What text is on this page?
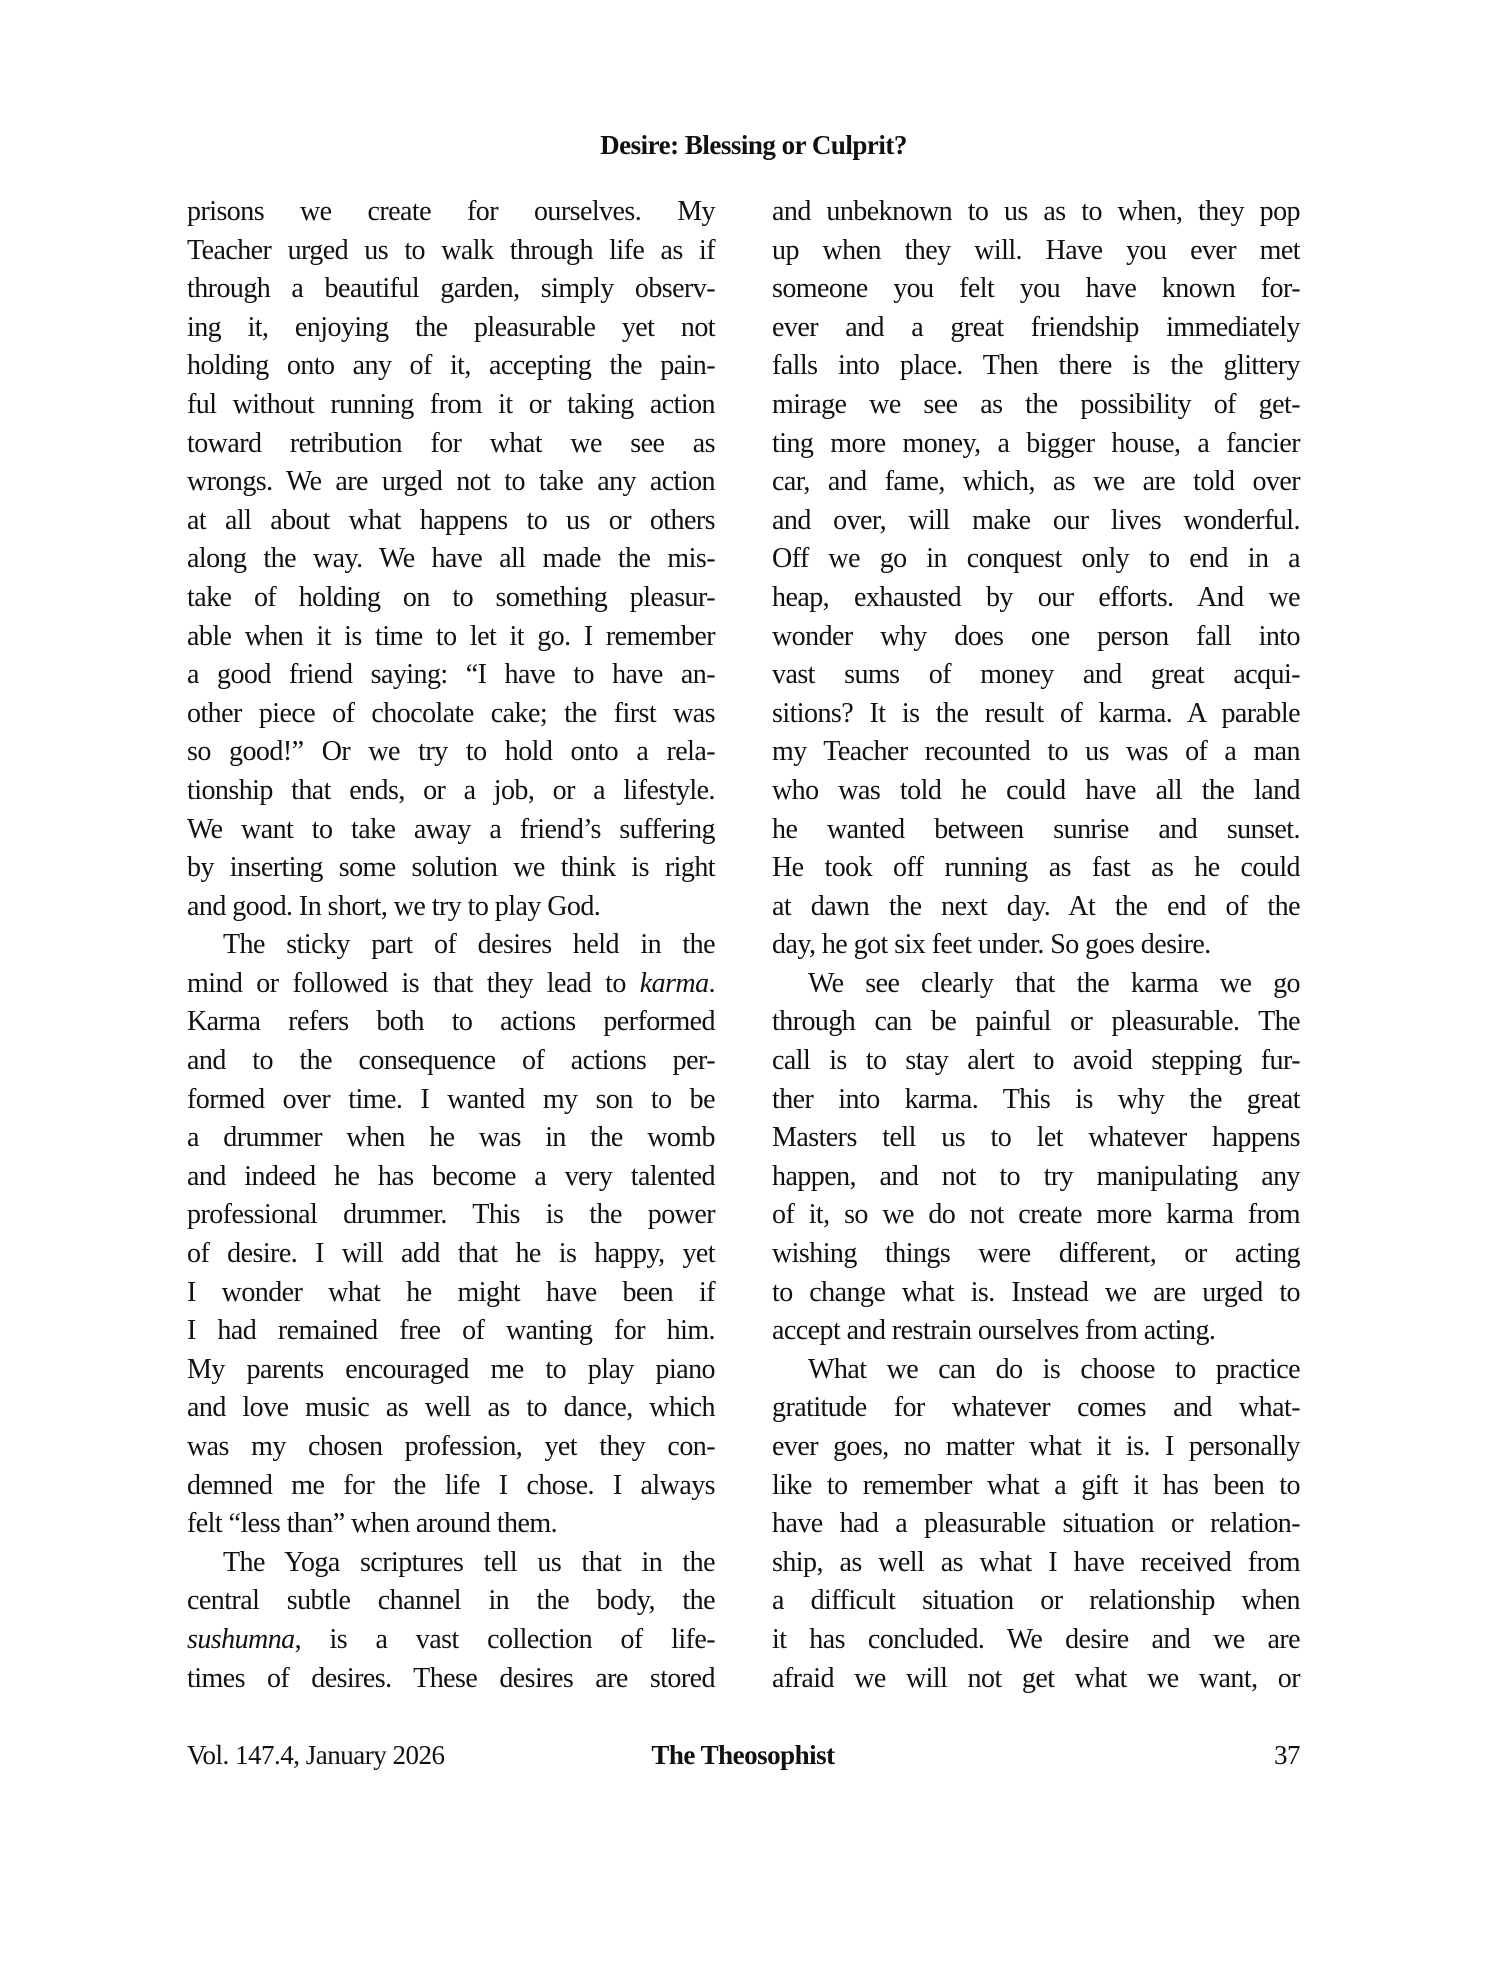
Desire: Blessing or Culprit?
prisons we create for ourselves. My
Teacher urged us to walk through life as if
through a beautiful garden, simply observ-
ing it, enjoying the pleasurable yet not
holding onto any of it, accepting the pain-
ful without running from it or taking action
toward retribution for what we see as
wrongs. We are urged not to take any action
at all about what happens to us or others
along the way. We have all made the mis-
take of holding on to something pleasur-
able when it is time to let it go. I remember
a good friend saying: “I have to have an-
other piece of chocolate cake; the first was
so good!” Or we try to hold onto a rela-
tionship that ends, or a job, or a lifestyle.
We want to take away a friend’s suffering
by inserting some solution we think is right
and good. In short, we try to play God.
The sticky part of desires held in the
mind or followed is that they lead to karma.
Karma refers both to actions performed
and to the consequence of actions per-
formed over time. I wanted my son to be
a drummer when he was in the womb
and indeed he has become a very talented
professional drummer. This is the power
of desire. I will add that he is happy, yet
I wonder what he might have been if
I had remained free of wanting for him.
My parents encouraged me to play piano
and love music as well as to dance, which
was my chosen profession, yet they con-
demned me for the life I chose. I always
felt “less than” when around them.
The Yoga scriptures tell us that in the
central subtle channel in the body, the
sushumna, is a vast collection of life-
times of desires. These desires are stored
and unbeknown to us as to when, they pop
up when they will. Have you ever met
someone you felt you have known for-
ever and a great friendship immediately
falls into place. Then there is the glittery
mirage we see as the possibility of get-
ting more money, a bigger house, a fancier
car, and fame, which, as we are told over
and over, will make our lives wonderful.
Off we go in conquest only to end in a
heap, exhausted by our efforts. And we
wonder why does one person fall into
vast sums of money and great acqui-
sitions? It is the result of karma. A parable
my Teacher recounted to us was of a man
who was told he could have all the land
he wanted between sunrise and sunset.
He took off running as fast as he could
at dawn the next day. At the end of the
day, he got six feet under. So goes desire.
We see clearly that the karma we go
through can be painful or pleasurable. The
call is to stay alert to avoid stepping fur-
ther into karma. This is why the great
Masters tell us to let whatever happens
happen, and not to try manipulating any
of it, so we do not create more karma from
wishing things were different, or acting
to change what is. Instead we are urged to
accept and restrain ourselves from acting.
What we can do is choose to practice
gratitude for whatever comes and what-
ever goes, no matter what it is. I personally
like to remember what a gift it has been to
have had a pleasurable situation or relation-
ship, as well as what I have received from
a difficult situation or relationship when
it has concluded. We desire and we are
afraid we will not get what we want, or
Vol. 147.4, January 2026	The Theosophist	37
